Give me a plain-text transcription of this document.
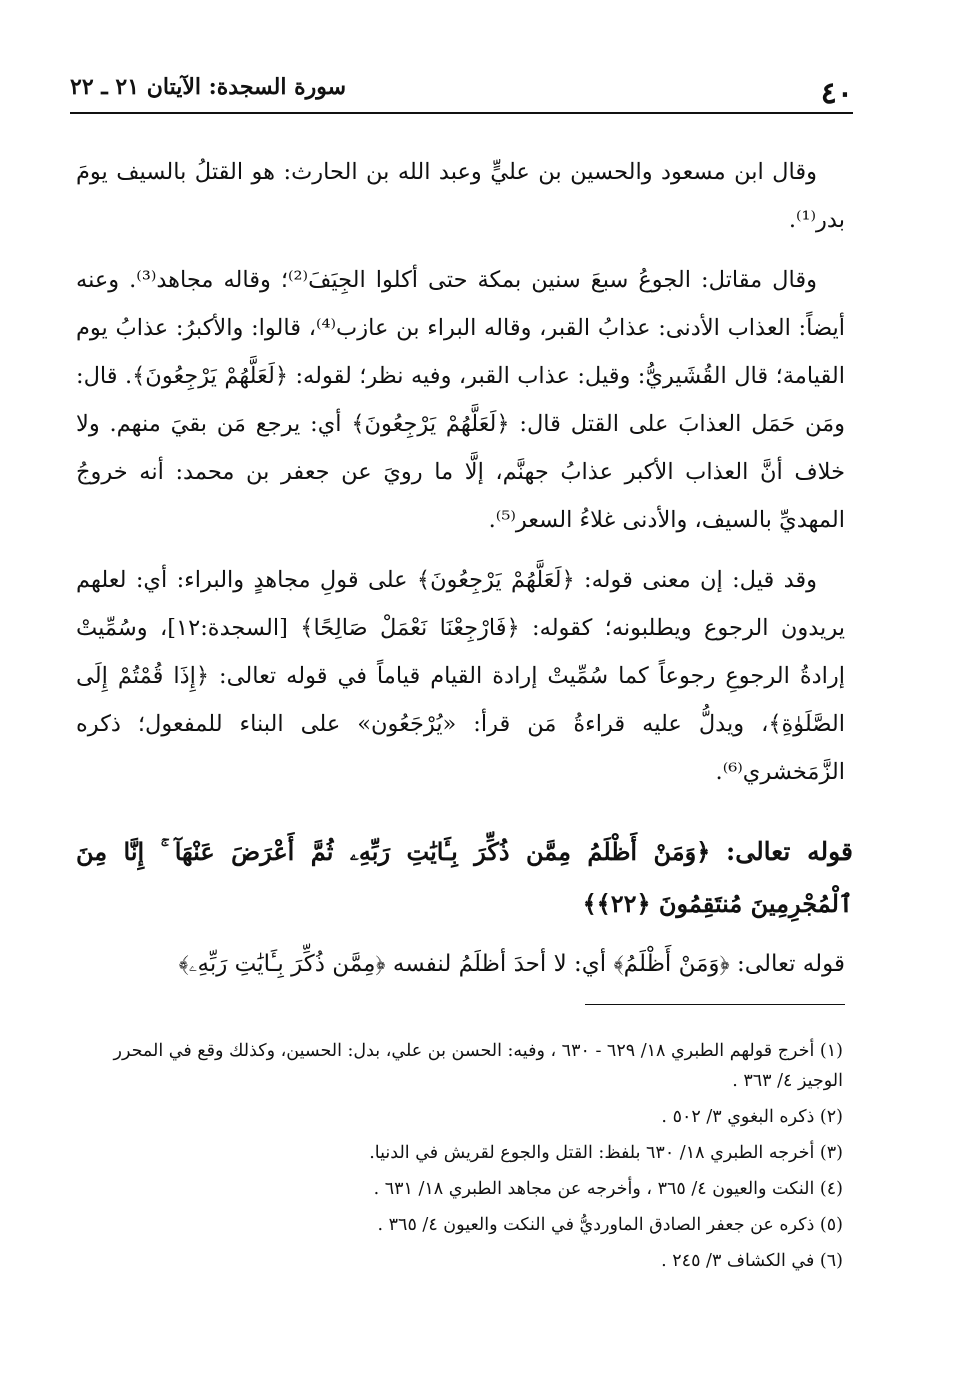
٤٠
سورة السجدة: الآيتان ٢١ ـ ٢٢

وقال ابن مسعود والحسين بن عليٍّ وعبد الله بن الحارث: هو القتلُ بالسيف يومَ بدر⁽¹⁾.

وقال مقاتل: الجوعُ سبعَ سنين بمكة حتى أكلوا الجِيَفَ⁽²⁾؛ وقاله مجاهد⁽³⁾. وعنه أيضاً: العذاب الأدنى: عذابُ القبر، وقاله البراء بن عازب⁽⁴⁾، قالوا: والأكبرُ: عذابُ يوم القيامة؛ قال القُشَيريُّ: وقيل: عذاب القبر، وفيه نظر؛ لقوله: ﴿لَعَلَّهُمْ يَرْجِعُونَ﴾. قال: ومَن حَمَل العذابَ على القتل قال: ﴿لَعَلَّهُمْ يَرْجِعُونَ﴾ أي: يرجع مَن بقيَ منهم. ولا خلاف أنَّ العذاب الأكبر عذابُ جهنَّم، إلَّا ما رويَ عن جعفر بن محمد: أنه خروجُ المهديِّ بالسيف، والأدنى غلاءُ السعر⁽⁵⁾.

وقد قيل: إن معنى قوله: ﴿لَعَلَّهُمْ يَرْجِعُونَ﴾ على قولِ مجاهدٍ والبراء: أي: لعلهم يريدون الرجوع ويطلبونه؛ كقوله: ﴿فَارْجِعْنَا نَعْمَلْ صَالِحًا﴾ [السجدة:١٢]، وسُمِّيتْ إرادةُ الرجوعِ رجوعاً كما سُمِّيتْ إرادة القيام قياماً في قوله تعالى: ﴿إِذَا قُمْتُمْ إِلَى الصَّلَوٰةِ﴾، ويدلُّ عليه قراءةُ مَن قرأ: «يُرْجَعُون» على البناء للمفعول؛ ذكره الزَّمَخشري⁽⁶⁾.

قوله تعالى: ﴿وَمَنْ أَظْلَمُ مِمَّن ذُكِّرَ بِـَٔايَٰتِ رَبِّهِۦ ثُمَّ أَعْرَضَ عَنْهَآ ۚ إِنَّا مِنَ ٱلْمُجْرِمِينَ مُنتَقِمُونَ ﴿٢٢﴾﴾
قوله تعالى: ﴿وَمَنْ أَظْلَمُ﴾ أي: لا أحدَ أظلَمُ لنفسه ﴿مِمَّن ذُكِّرَ بِـَٔايَٰتِ رَبِّهِۦ﴾
(١) أخرج قولهم الطبري ١٨/ ٦٢٩ - ٦٣٠ ، وفيه: الحسن بن علي، بدل: الحسين، وكذلك وقع في المحرر الوجيز ٤/ ٣٦٣ .
(٢) ذكره البغوي ٣/ ٥٠٢ .
(٣) أخرجه الطبري ١٨/ ٦٣٠ بلفظ: القتل والجوع لقريش في الدنيا.
(٤) النكت والعيون ٤/ ٣٦٥ ، وأخرجه عن مجاهد الطبري ١٨/ ٦٣١ .
(٥) ذكره عن جعفر الصادق الماورديُّ في النكت والعيون ٤/ ٣٦٥ .
(٦) في الكشاف ٣/ ٢٤٥ .
